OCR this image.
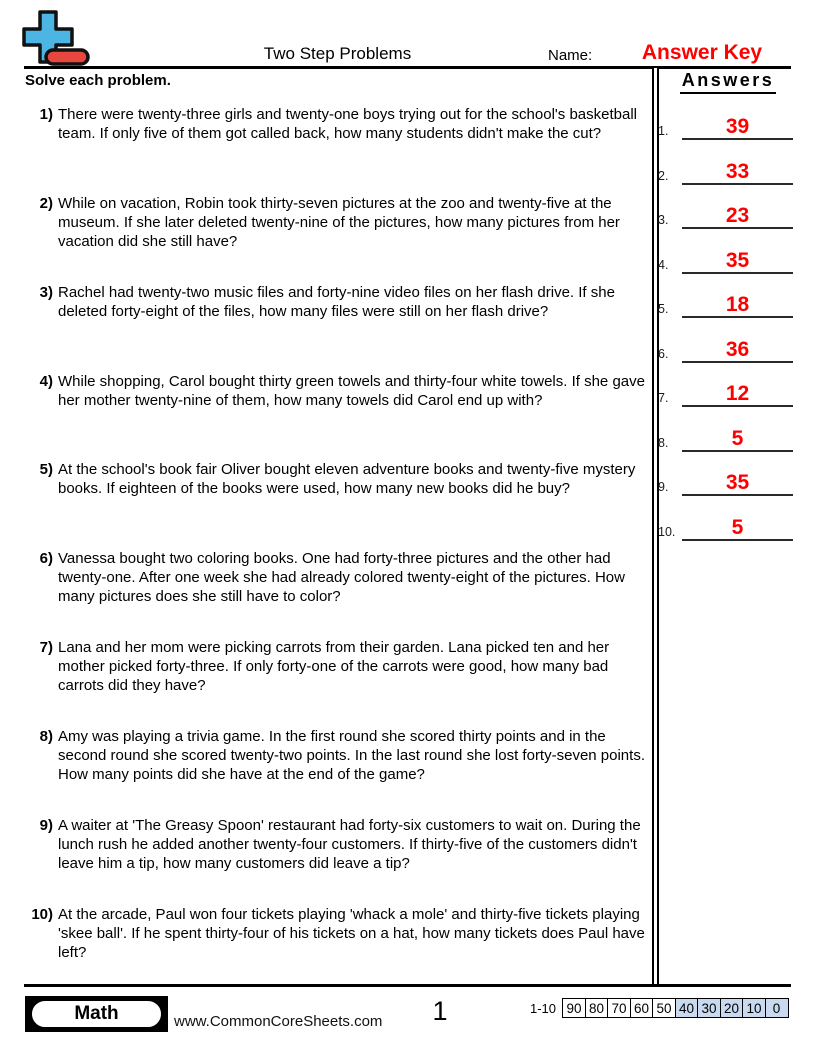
Two Step Problems	Name:	Answer Key
Solve each problem.
1) There were twenty-three girls and twenty-one boys trying out for the school's basketball team. If only five of them got called back, how many students didn't make the cut?
2) While on vacation, Robin took thirty-seven pictures at the zoo and twenty-five at the museum. If she later deleted twenty-nine of the pictures, how many pictures from her vacation did she still have?
3) Rachel had twenty-two music files and forty-nine video files on her flash drive. If she deleted forty-eight of the files, how many files were still on her flash drive?
4) While shopping, Carol bought thirty green towels and thirty-four white towels. If she gave her mother twenty-nine of them, how many towels did Carol end up with?
5) At the school's book fair Oliver bought eleven adventure books and twenty-five mystery books. If eighteen of the books were used, how many new books did he buy?
6) Vanessa bought two coloring books. One had forty-three pictures and the other had twenty-one. After one week she had already colored twenty-eight of the pictures. How many pictures does she still have to color?
7) Lana and her mom were picking carrots from their garden. Lana picked ten and her mother picked forty-three. If only forty-one of the carrots were good, how many bad carrots did they have?
8) Amy was playing a trivia game. In the first round she scored thirty points and in the second round she scored twenty-two points. In the last round she lost forty-seven points. How many points did she have at the end of the game?
9) A waiter at 'The Greasy Spoon' restaurant had forty-six customers to wait on. During the lunch rush he added another twenty-four customers. If thirty-five of the customers didn't leave him a tip, how many customers did leave a tip?
10) At the arcade, Paul won four tickets playing 'whack a mole' and thirty-five tickets playing 'skee ball'. If he spent thirty-four of his tickets on a hat, how many tickets does Paul have left?
Answers
1.	39
2.	33
3.	23
4.	35
5.	18
6.	36
7.	12
8.	5
9.	35
10.	5
Math	www.CommonCoreSheets.com	1	1-10 90 80 70 60 50 40 30 20 10 0
